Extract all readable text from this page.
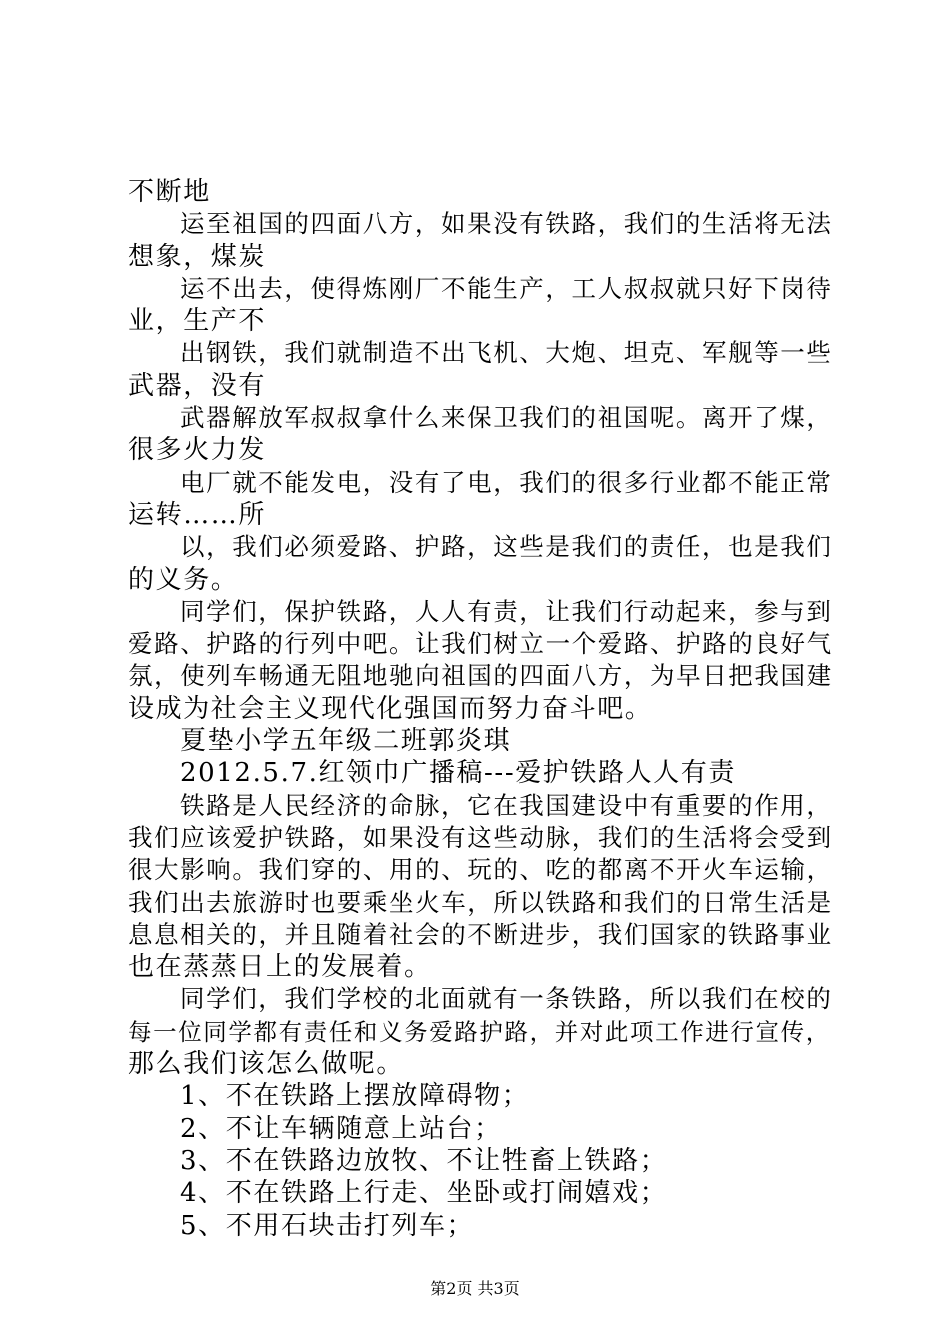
不断地
运至祖国的四面八方，如果没有铁路，我们的生活将无法
想象，煤炭
运不出去，使得炼刚厂不能生产，工人叔叔就只好下岗待
业，生产不
出钢铁，我们就制造不出飞机、大炮、坦克、军舰等一些
武器，没有
武器解放军叔叔拿什么来保卫我们的祖国呢。离开了煤，
很多火力发
电厂就不能发电，没有了电，我们的很多行业都不能正常
运转……所
以，我们必须爱路、护路，这些是我们的责任，也是我们
的义务。
同学们，保护铁路，人人有责，让我们行动起来，参与到
爱路、护路的行列中吧。让我们树立一个爱路、护路的良好气
氛，使列车畅通无阻地驰向祖国的四面八方，为早日把我国建
设成为社会主义现代化强国而努力奋斗吧。
夏垫小学五年级二班郭炎琪
2012.5.7.红领巾广播稿---爱护铁路人人有责
铁路是人民经济的命脉，它在我国建设中有重要的作用，
我们应该爱护铁路，如果没有这些动脉，我们的生活将会受到
很大影响。我们穿的、用的、玩的、吃的都离不开火车运输，
我们出去旅游时也要乘坐火车，所以铁路和我们的日常生活是
息息相关的，并且随着社会的不断进步，我们国家的铁路事业
也在蒸蒸日上的发展着。
同学们，我们学校的北面就有一条铁路，所以我们在校的
每一位同学都有责任和义务爱路护路，并对此项工作进行宣传，
那么我们该怎么做呢。
1、不在铁路上摆放障碍物；
2、不让车辆随意上站台；
3、不在铁路边放牧、不让牲畜上铁路；
4、不在铁路上行走、坐卧或打闹嬉戏；
5、不用石块击打列车；
第2页 共3页
